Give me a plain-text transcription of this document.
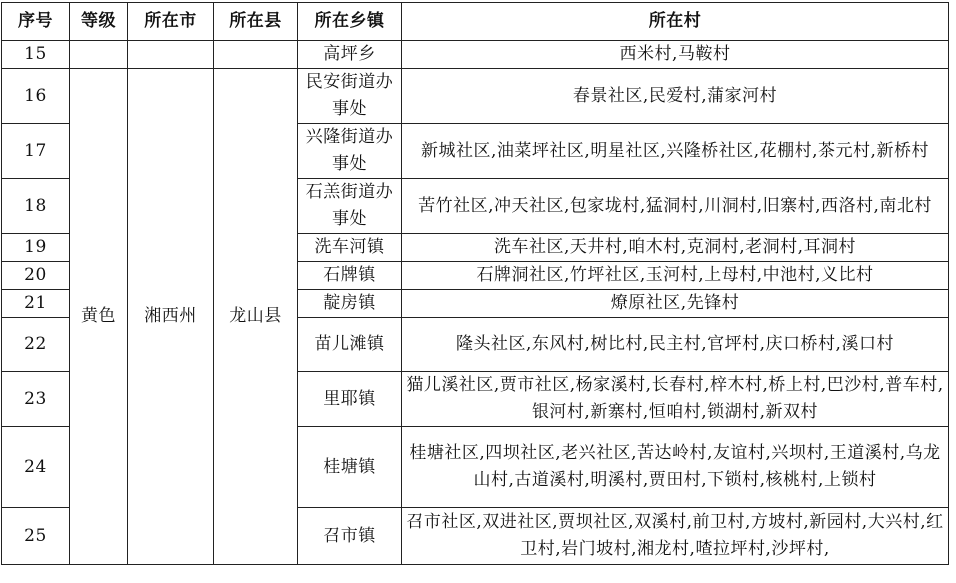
序号	等级	所在市	所在县	所在乡镇	所在村
15				高坪乡	西米村,马鞍村
16	黄色	湘西州	龙山县	民安街道办事处	春景社区,民爱村,蒲家河村
17				兴隆街道办事处	新城社区,油菜坪社区,明星社区,兴隆桥社区,花棚村,茶元村,新桥村
18				石羔街道办事处	苦竹社区,冲天社区,包家垅村,猛洞村,川洞村,旧寨村,西洛村,南北村
19				洗车河镇	洗车社区,天井村,咱木村,克洞村,老洞村,耳洞村
20				石牌镇	石牌洞社区,竹坪社区,玉河村,上母村,中池村,义比村
21				靛房镇	燎原社区,先锋村
22				苗儿滩镇	隆头社区,东风村,树比村,民主村,官坪村,庆口桥村,溪口村
23				里耶镇	猫儿溪社区,贾市社区,杨家溪村,长春村,梓木村,桥上村,巴沙村,普车村,银河村,新寨村,恒咱村,锁湖村,新双村
24				桂塘镇	桂塘社区,四坝社区,老兴社区,苦达岭村,友谊村,兴坝村,王道溪村,乌龙山村,古道溪村,明溪村,贾田村,下锁村,核桃村,上锁村
25				召市镇	召市社区,双进社区,贾坝社区,双溪村,前卫村,方坡村,新园村,大兴村,红卫村,岩门坡村,湘龙村,喳拉坪村,沙坪村,
